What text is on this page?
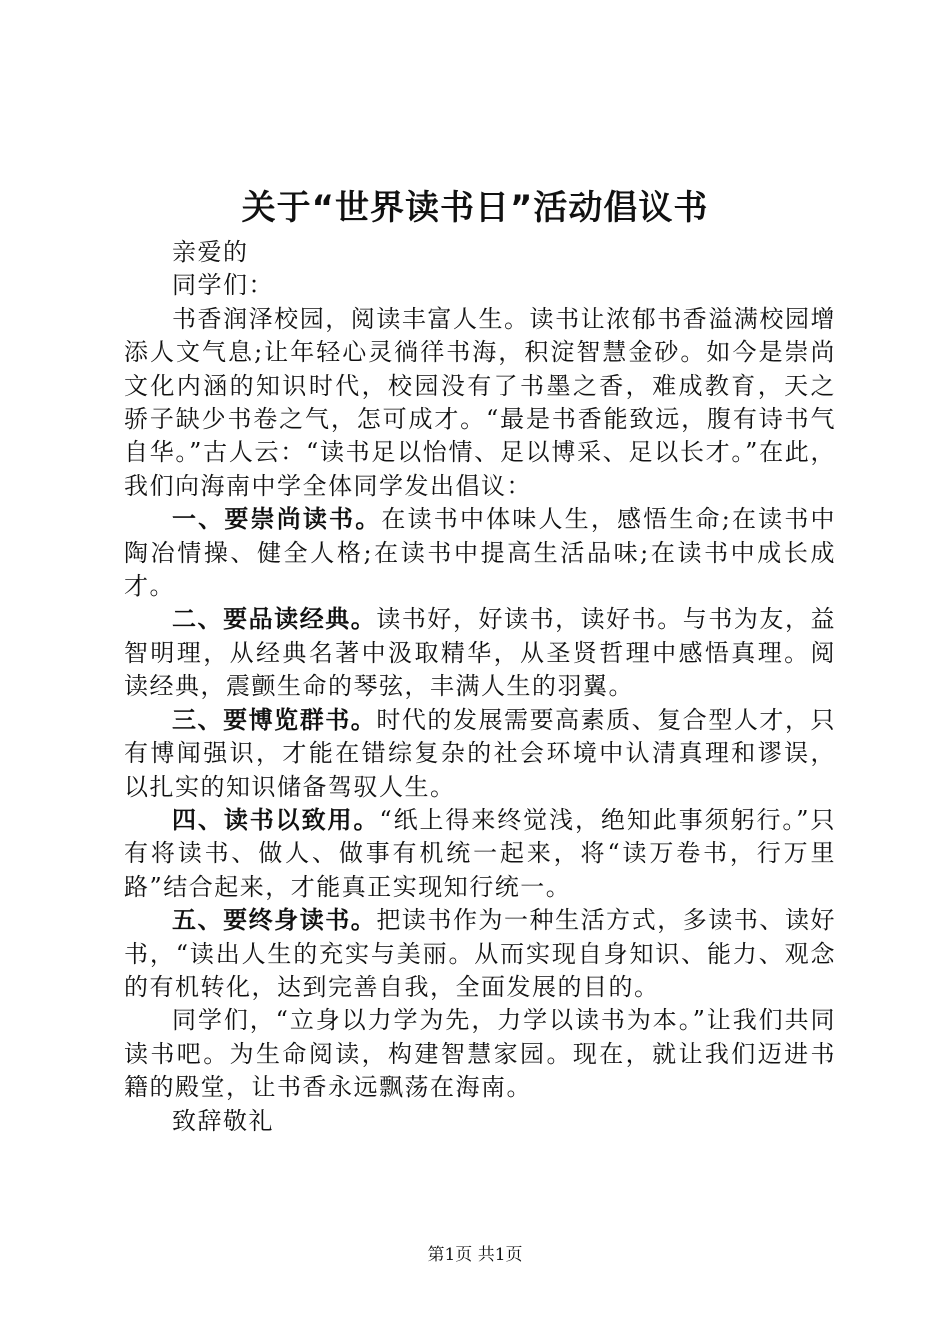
关于“世界读书日”活动倡议书

亲爱的

同学们：

书香润泽校园，阅读丰富人生。读书让浓郁书香溢满校园增添人文气息;让年轻心灵徜徉书海，积淀智慧金砂。如今是崇尚文化内涵的知识时代，校园没有了书墨之香，难成教育，天之骄子缺少书卷之气，怎可成才。“最是书香能致远，腹有诗书气自华。”古人云：“读书足以怡情、足以博采、足以长才。”在此，我们向海南中学全体同学发出倡议：

一、要崇尚读书。在读书中体味人生，感悟生命;在读书中陶冶情操、健全人格;在读书中提高生活品味;在读书中成长成才。

二、要品读经典。读书好，好读书，读好书。与书为友，益智明理，从经典名著中汲取精华，从圣贤哲理中感悟真理。阅读经典，震颤生命的琴弦，丰满人生的羽翼。

三、要博览群书。时代的发展需要高素质、复合型人才，只有博闻强识，才能在错综复杂的社会环境中认清真理和谬误，以扎实的知识储备驾驭人生。

四、读书以致用。“纸上得来终觉浅，绝知此事须躬行。”只有将读书、做人、做事有机统一起来，将“读万卷书，行万里路”结合起来，才能真正实现知行统一。

五、要终身读书。把读书作为一种生活方式，多读书、读好书，“读出人生的充实与美丽。从而实现自身知识、能力、观念的有机转化，达到完善自我，全面发展的目的。

同学们，“立身以力学为先，力学以读书为本。”让我们共同读书吧。为生命阅读，构建智慧家园。现在，就让我们迈进书籍的殿堂，让书香永远飘荡在海南。

致辞敬礼

第1页 共1页
